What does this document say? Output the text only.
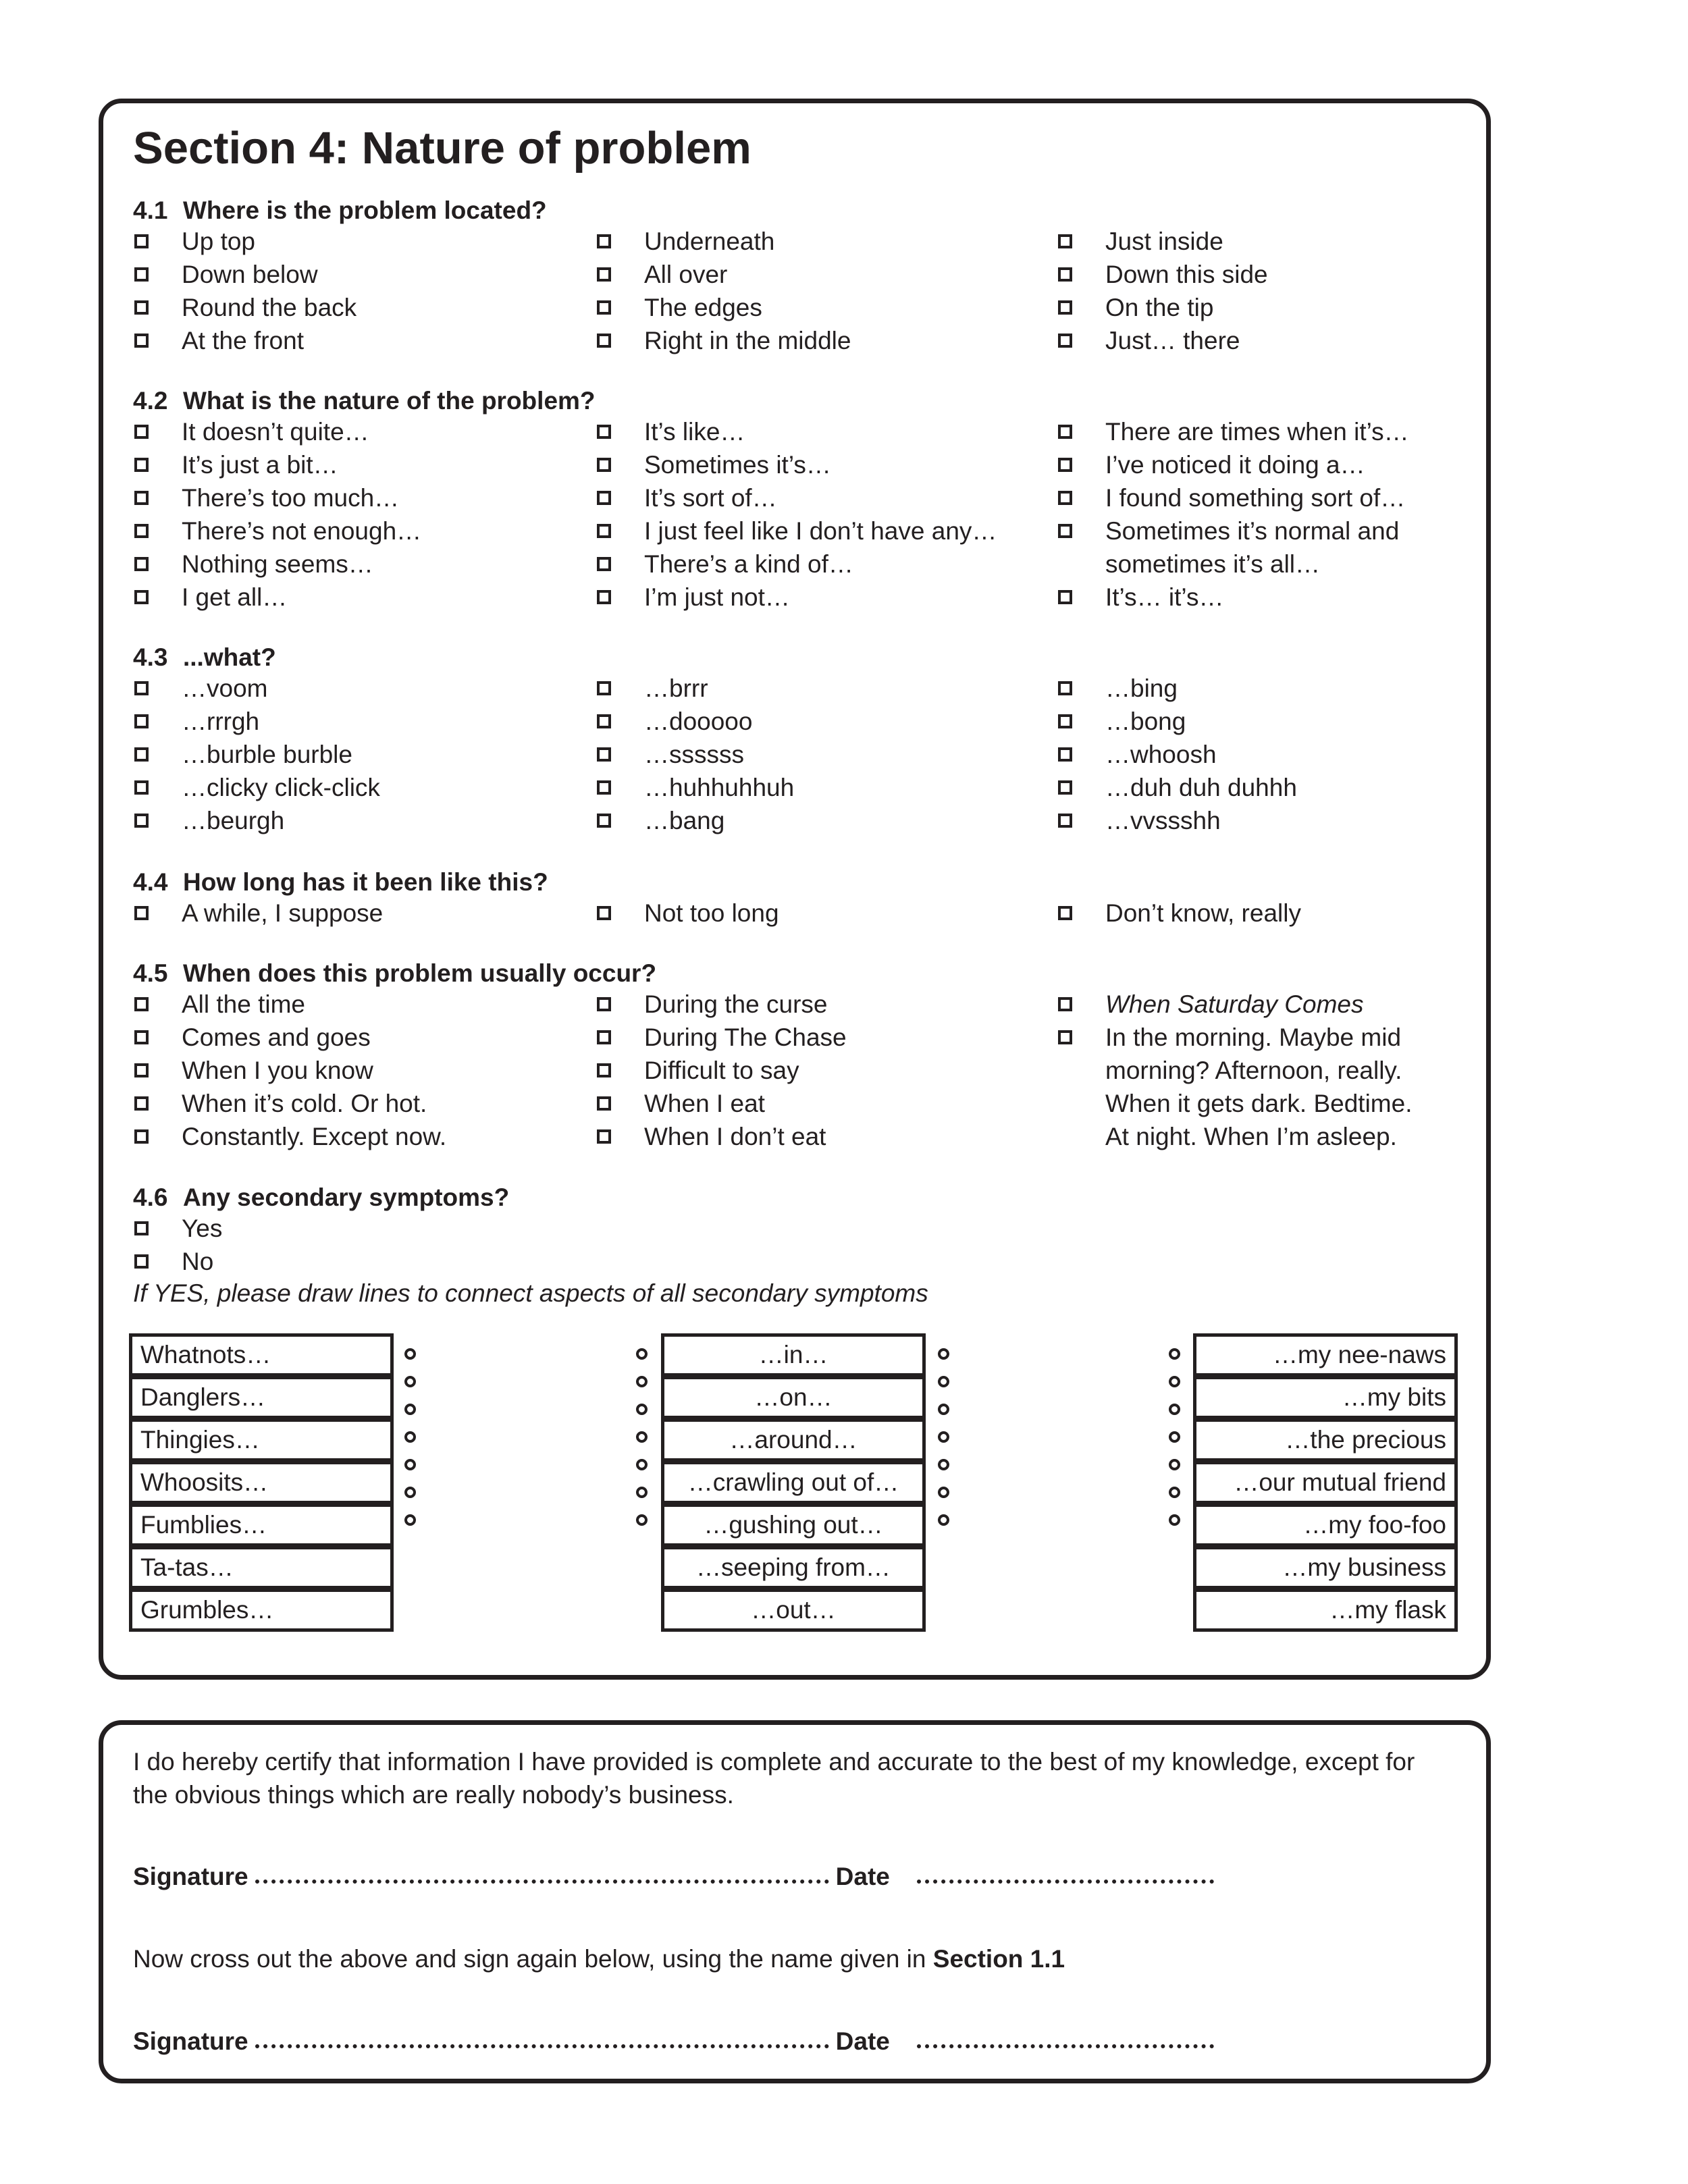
Section 4: Nature of problem
4.1 Where is the problem located?
Up top
Down below
Round the back
At the front
Underneath
All over
The edges
Right in the middle
Just inside
Down this side
On the tip
Just… there
4.2 What is the nature of the problem?
It doesn’t quite…
It’s just a bit…
There’s too much…
There’s not enough…
Nothing seems…
I get all…
It’s like…
Sometimes it’s…
It’s sort of…
I just feel like I don’t have any…
There’s a kind of…
I’m just not…
There are times when it’s…
I’ve noticed it doing a…
I found something sort of…
Sometimes it’s normal and sometimes it’s all…
It’s… it’s…
4.3 ...what?
…voom
…rrrgh
…burble burble
…clicky click-click
…beurgh
…brrr
…dooooo
…ssssss
…huhhuhhuh
…bang
…bing
…bong
…whoosh
…duh duh duhhh
…vvssshh
4.4 How long has it been like this?
A while, I suppose	Not too long	Don’t know, really
4.5 When does this problem usually occur?
All the time
Comes and goes
When I you know
When it’s cold. Or hot.
Constantly. Except now.
During the curse
During The Chase
Difficult to say
When I eat
When I don’t eat
When Saturday Comes
In the morning. Maybe mid morning? Afternoon, really. When it gets dark. Bedtime. At night. When I’m asleep.
4.6 Any secondary symptoms?
Yes
No
If YES, please draw lines to connect aspects of all secondary symptoms
Whatnots…
Danglers…
Thingies…
Whoosits…
Fumblies…
Ta-tas…
Grumbles…
…in…
…on…
…around…
…crawling out of…
…gushing out…
…seeping from…
…out…
…my nee-naws
…my bits
…the precious
…our mutual friend
…my foo-foo
…my business
…my flask

I do hereby certify that information I have provided is complete and accurate to the best of my knowledge, except for the obvious things which are really nobody’s business.

Signature	Date
Now cross out the above and sign again below, using the name given in Section 1.1
Signature	Date
